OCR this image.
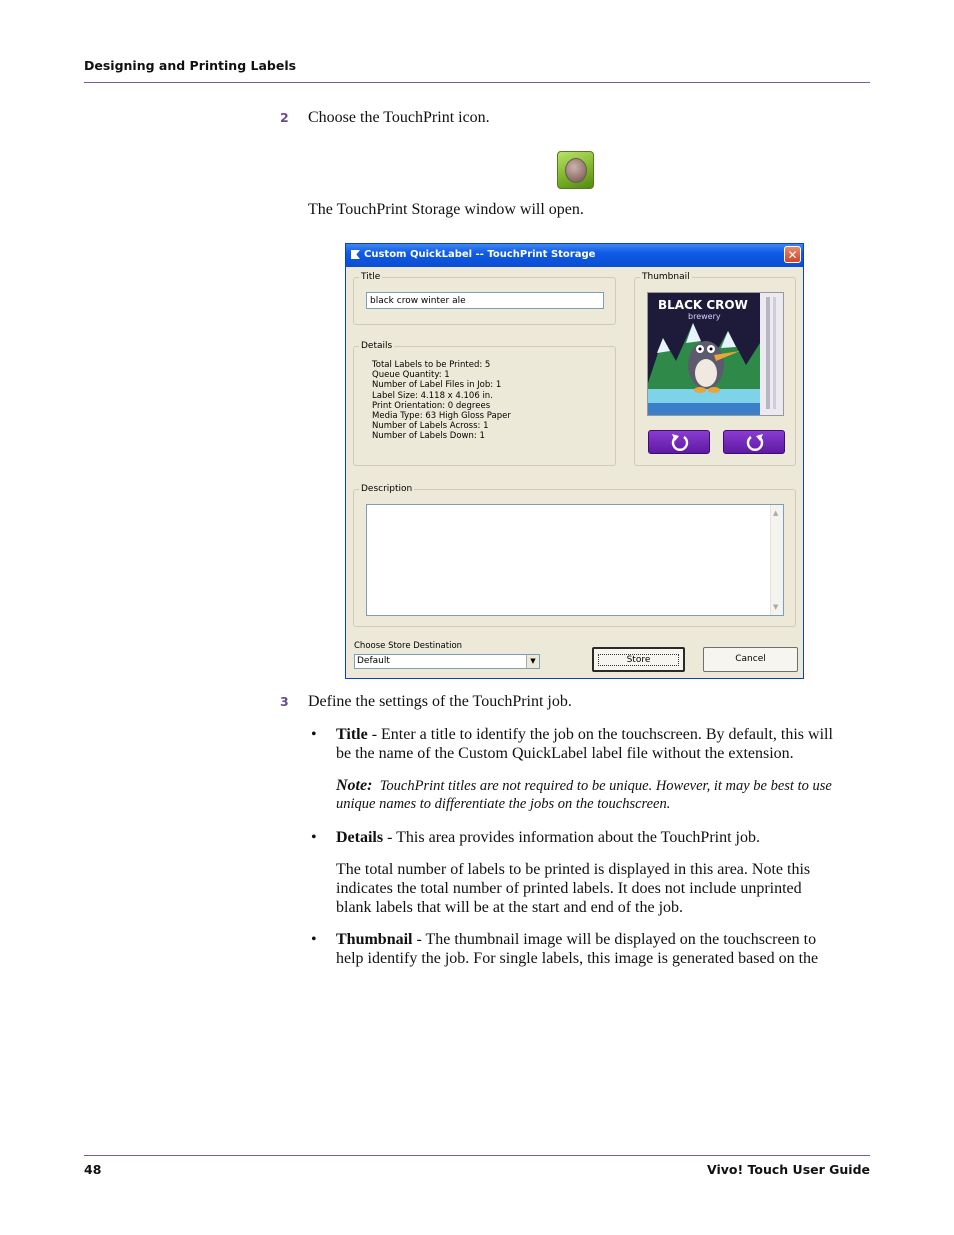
Designing and Printing Labels
2 Choose the TouchPrint icon.
The TouchPrint Storage window will open.
Custom QuickLabel -- TouchPrint Storage	✕
Title
black crow winter ale
Details
Total Labels to be Printed: 5
Queue Quantity: 1
Number of Label Files in Job: 1
Label Size: 4.118 x 4.106 in.
Print Orientation: 0 degrees
Media Type: 63 High Gloss Paper
Number of Labels Across: 1
Number of Labels Down: 1
Thumbnail
BLACK CROW
brewery
Description
▲
▼
Choose Store Destination
Default	▼	Store	Cancel
3 Define the settings of the TouchPrint job.
• Title - Enter a title to identify the job on the touchscreen. By default, this will
be the name of the Custom QuickLabel label file without the extension.
Note: TouchPrint titles are not required to be unique. However, it may be best to use
unique names to differentiate the jobs on the touchscreen.
• Details - This area provides information about the TouchPrint job.
The total number of labels to be printed is displayed in this area. Note this
indicates the total number of printed labels. It does not include unprinted
blank labels that will be at the start and end of the job.
• Thumbnail - The thumbnail image will be displayed on the touchscreen to
help identify the job. For single labels, this image is generated based on the
48	Vivo! Touch User Guide
